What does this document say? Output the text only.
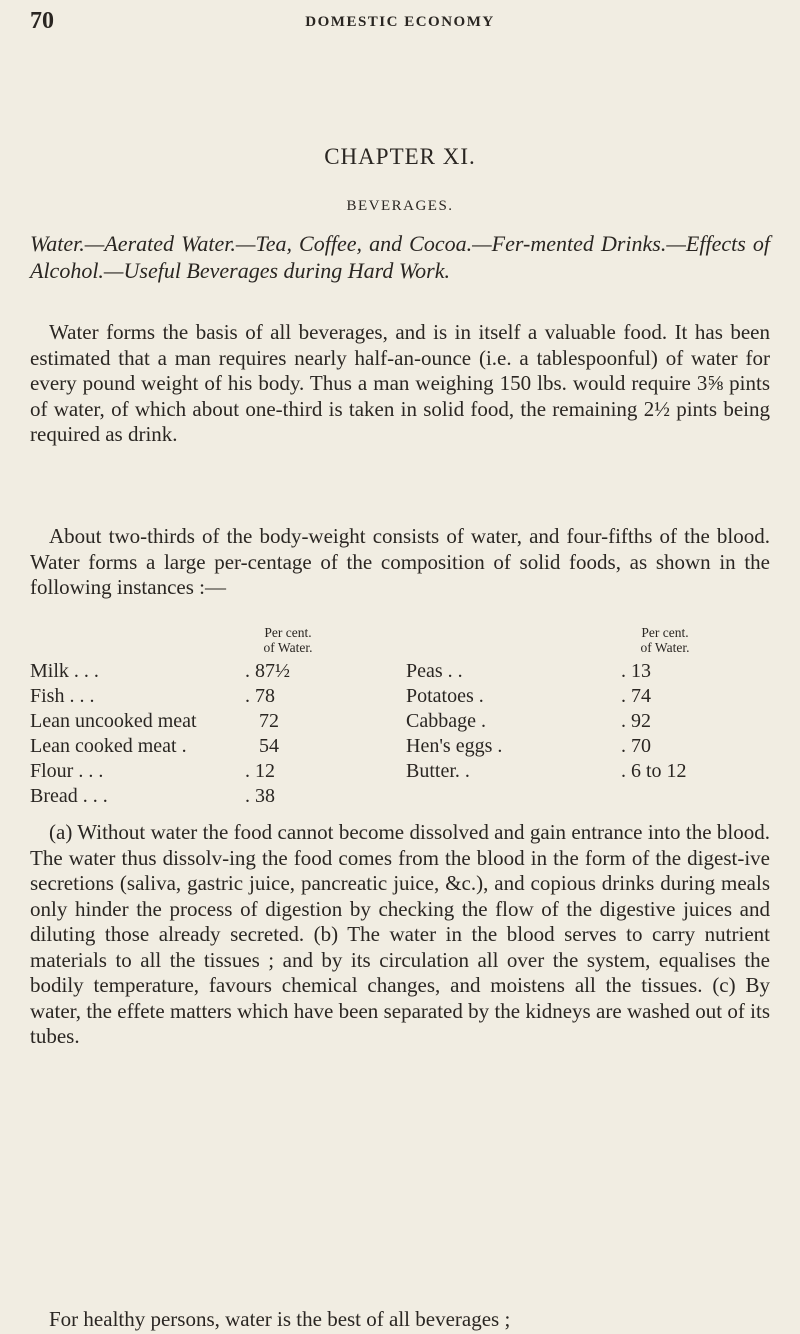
70	DOMESTIC ECONOMY
CHAPTER XI.
BEVERAGES.
Water.—Aerated Water.—Tea, Coffee, and Cocoa.—Fer-mented Drinks.—Effects of Alcohol.—Useful Beverages during Hard Work.
Water forms the basis of all beverages, and is in itself a valuable food. It has been estimated that a man requires nearly half-an-ounce (i.e. a tablespoonful) of water for every pound weight of his body. Thus a man weighing 150 lbs. would require 3⅝ pints of water, of which about one-third is taken in solid food, the remaining 2½ pints being required as drink.
About two-thirds of the body-weight consists of water, and four-fifths of the blood. Water forms a large per-centage of the composition of solid foods, as shown in the following instances :—
Per cent.
of Water.
Per cent.
of Water.
Milk . . .	. 87½
Fish . . .	. 78
Lean uncooked meat	72
Lean cooked meat .	54
Flour . . .	. 12
Bread . . .	. 38
Peas . .	. 13
Potatoes .	. 74
Cabbage .	. 92
Hen's eggs .	. 70
Butter. .	. 6 to 12
(a) Without water the food cannot become dissolved and gain entrance into the blood. The water thus dissolv-ing the food comes from the blood in the form of the digest-ive secretions (saliva, gastric juice, pancreatic juice, &c.), and copious drinks during meals only hinder the process of digestion by checking the flow of the digestive juices and diluting those already secreted. (b) The water in the blood serves to carry nutrient materials to all the tissues ; and by its circulation all over the system, equalises the bodily temperature, favours chemical changes, and moistens all the tissues. (c) By water, the effete matters which have been separated by the kidneys are washed out of its tubes.
For healthy persons, water is the best of all beverages ;
